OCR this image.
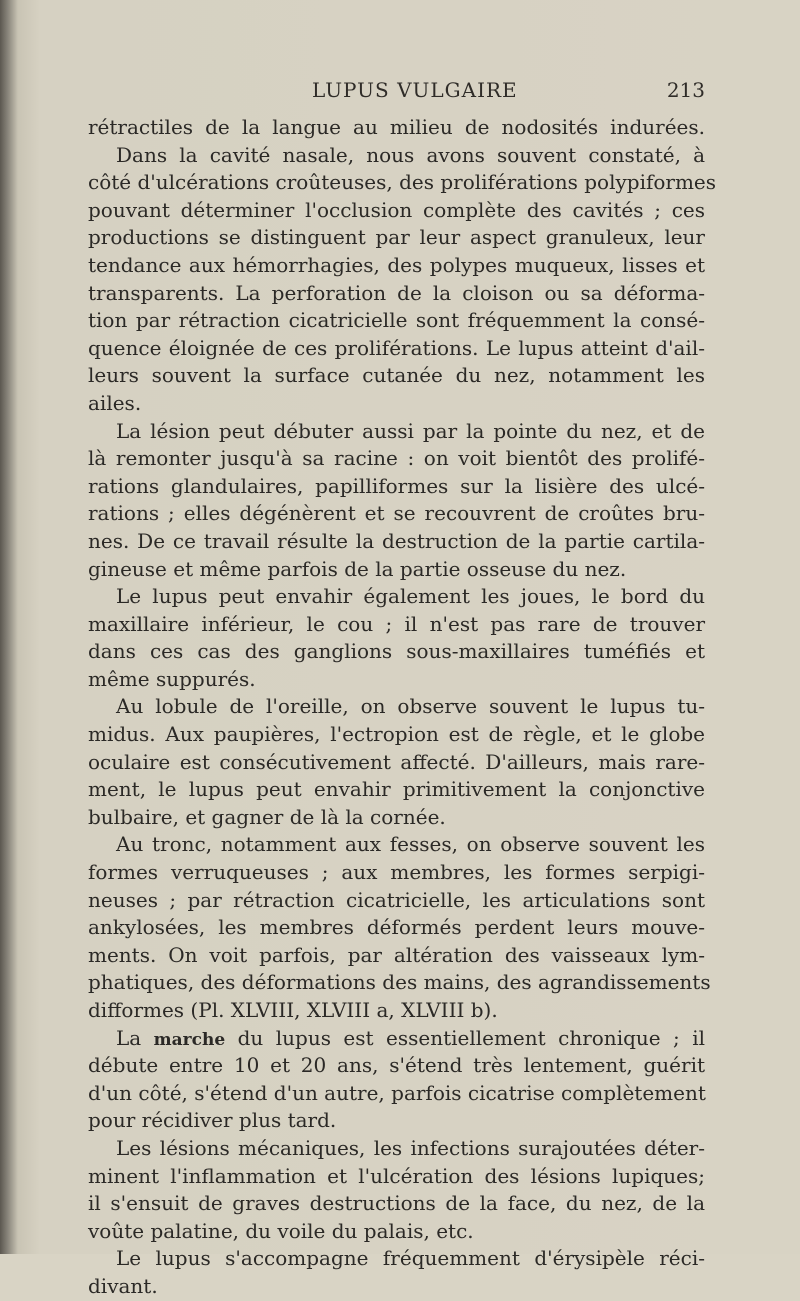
LUPUS VULGAIRE	213
rétractiles de la langue au milieu de nodosités indurées.
Dans la cavité nasale, nous avons souvent constaté, à
côté d'ulcérations croûteuses, des proliférations polypiformes
pouvant déterminer l'occlusion complète des cavités ; ces
productions se distinguent par leur aspect granuleux, leur
tendance aux hémorrhagies, des polypes muqueux, lisses et
transparents. La perforation de la cloison ou sa déforma-
tion par rétraction cicatricielle sont fréquemment la consé-
quence éloignée de ces proliférations. Le lupus atteint d'ail-
leurs souvent la surface cutanée du nez, notamment les
ailes.
La lésion peut débuter aussi par la pointe du nez, et de
là remonter jusqu'à sa racine : on voit bientôt des prolifé-
rations glandulaires, papilliformes sur la lisière des ulcé-
rations ; elles dégénèrent et se recouvrent de croûtes bru-
nes. De ce travail résulte la destruction de la partie cartila-
gineuse et même parfois de la partie osseuse du nez.
Le lupus peut envahir également les joues, le bord du
maxillaire inférieur, le cou ; il n'est pas rare de trouver
dans ces cas des ganglions sous-maxillaires tuméfiés et
même suppurés.
Au lobule de l'oreille, on observe souvent le lupus tu-
midus. Aux paupières, l'ectropion est de règle, et le globe
oculaire est consécutivement affecté. D'ailleurs, mais rare-
ment, le lupus peut envahir primitivement la conjonctive
bulbaire, et gagner de là la cornée.
Au tronc, notamment aux fesses, on observe souvent les
formes verruqueuses ; aux membres, les formes serpigi-
neuses ; par rétraction cicatricielle, les articulations sont
ankylosées, les membres déformés perdent leurs mouve-
ments. On voit parfois, par altération des vaisseaux lym-
phatiques, des déformations des mains, des agrandissements
difformes (Pl. XLVIII, XLVIII a, XLVIII b).
La marche du lupus est essentiellement chronique ; il
débute entre 10 et 20 ans, s'étend très lentement, guérit
d'un côté, s'étend d'un autre, parfois cicatrise complètement
pour récidiver plus tard.
Les lésions mécaniques, les infections surajoutées déter-
minent l'inflammation et l'ulcération des lésions lupiques;
il s'ensuit de graves destructions de la face, du nez, de la
voûte palatine, du voile du palais, etc.
Le lupus s'accompagne fréquemment d'érysipèle réci-
divant.
